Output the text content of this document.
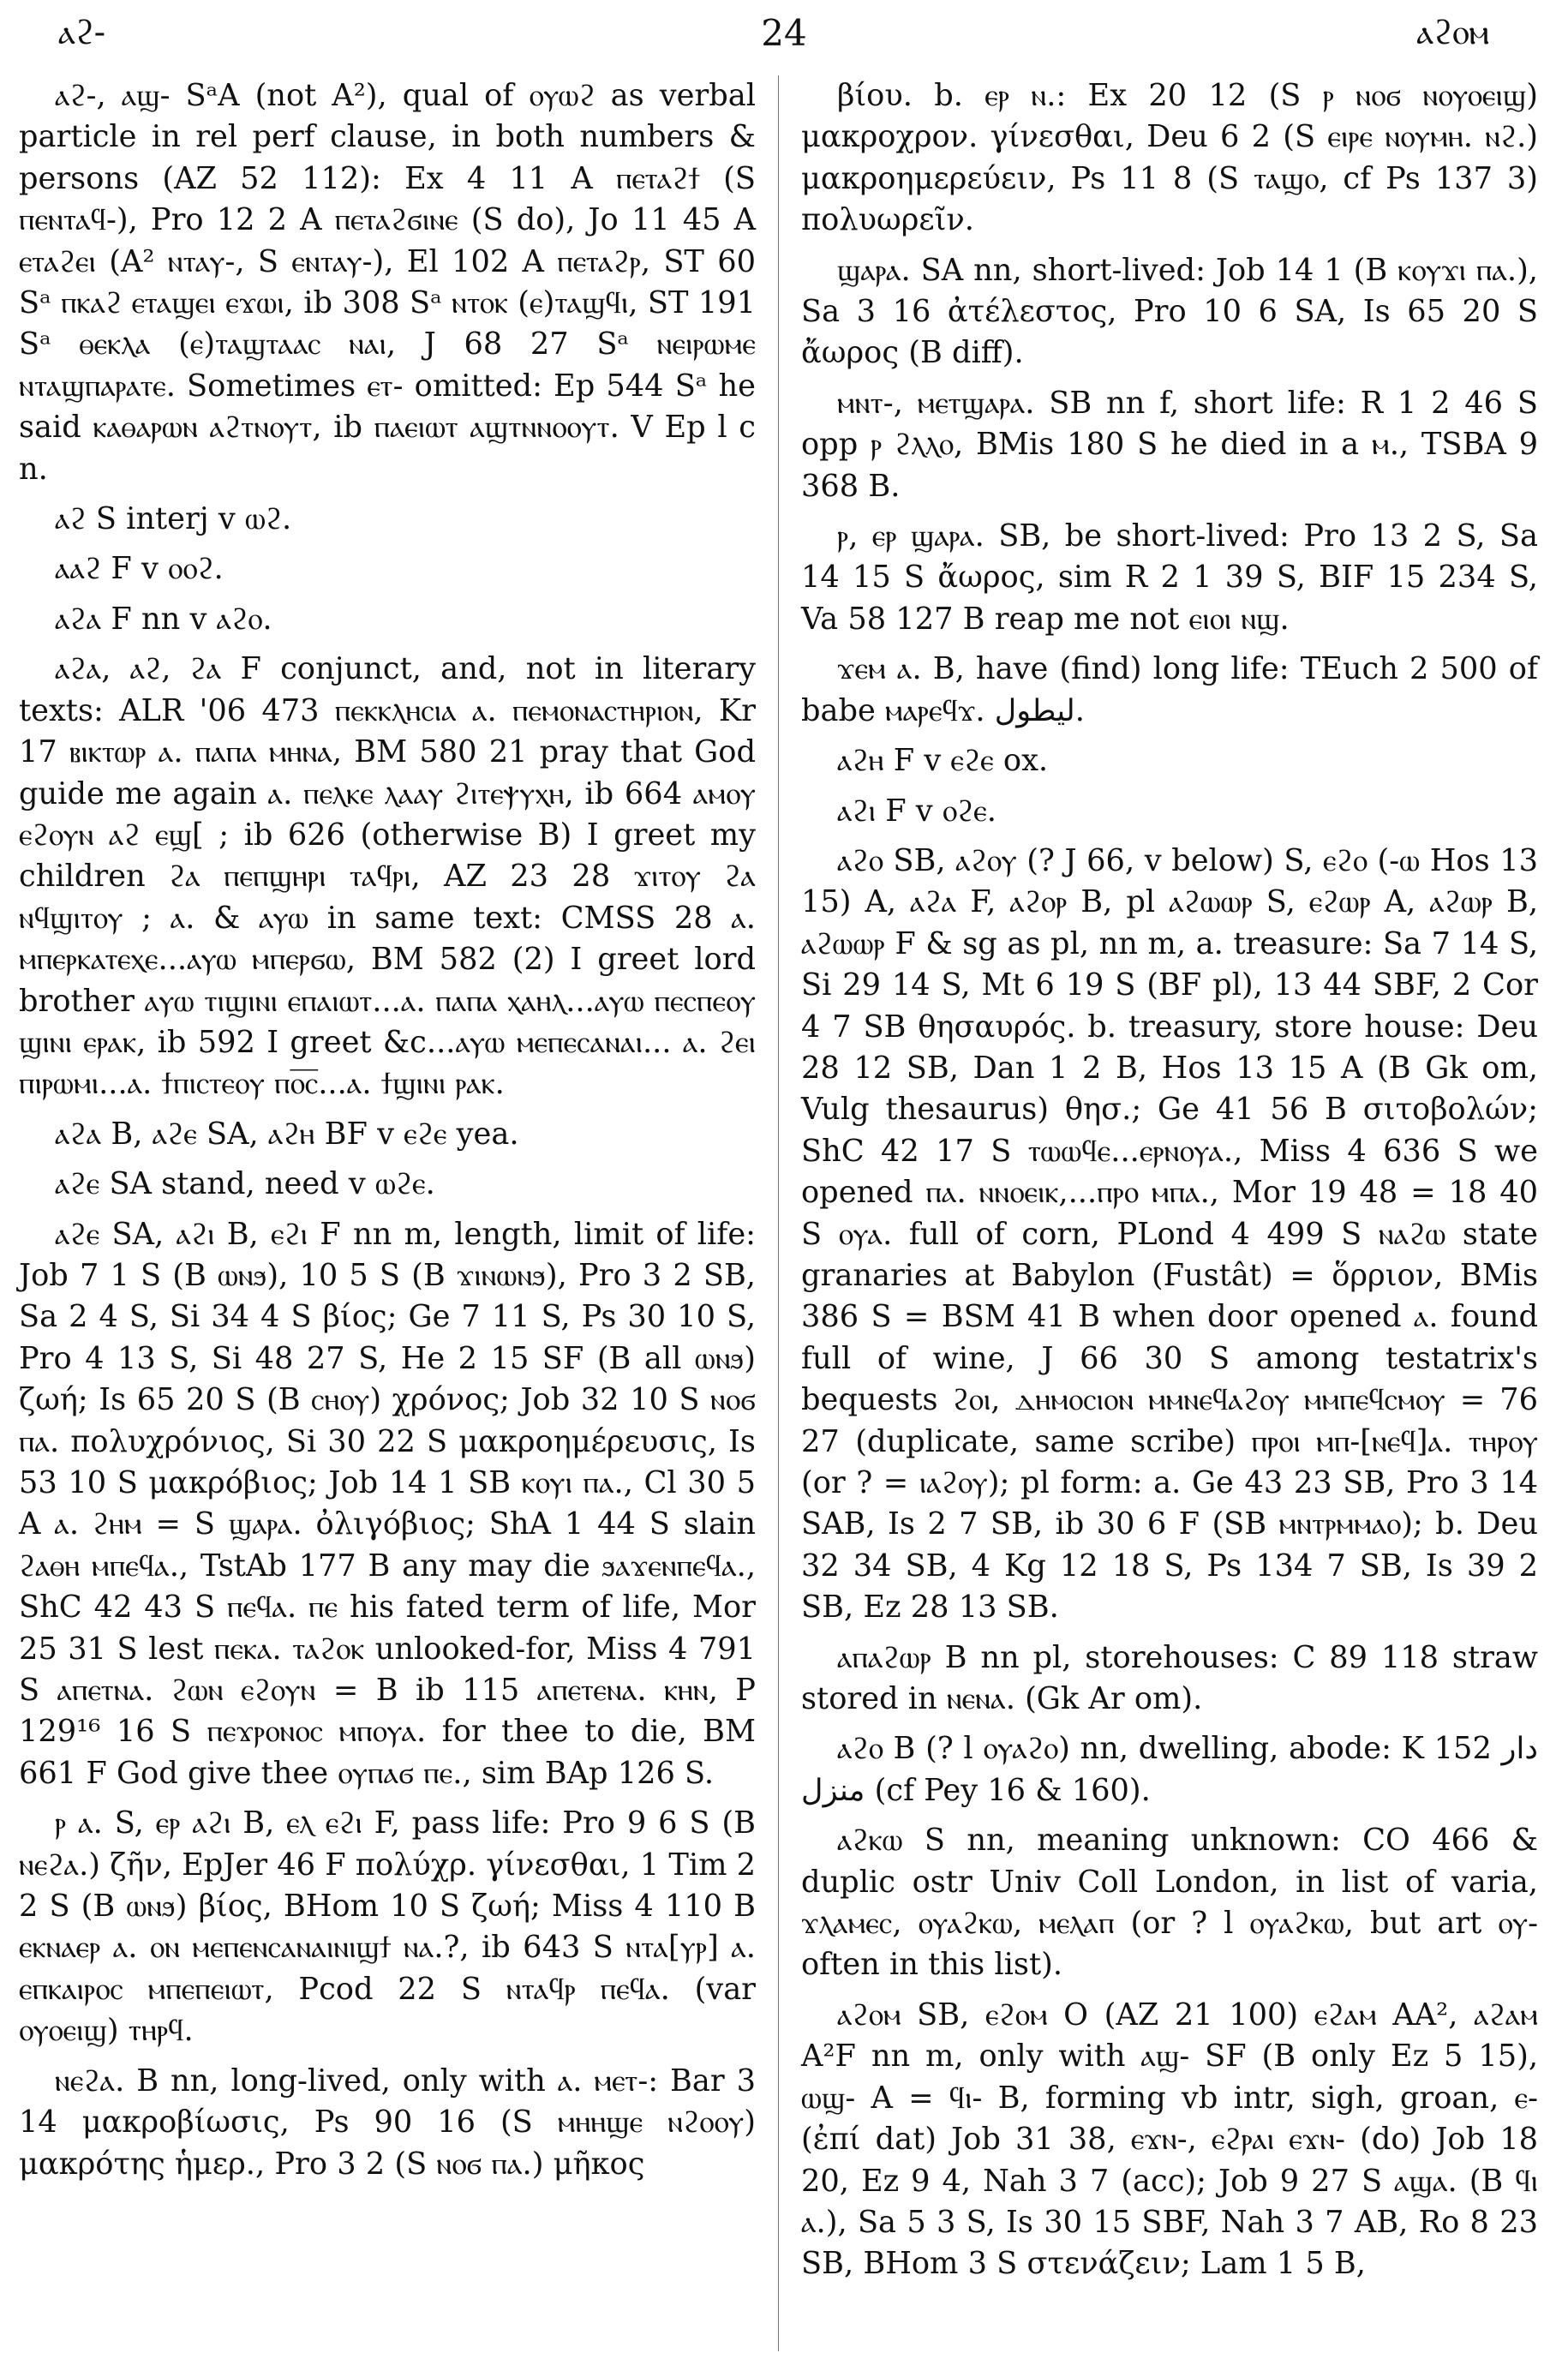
ⲁϩ-	24	ⲁϩⲟⲙ

ⲁϩ-, ⲁϣ- SᵃA (not A²), qual of ⲟⲩⲱϩ as verbal particle in rel perf clause, in both numbers & persons (AZ 52 112): Ex 4 11 A ⲡⲉⲧⲁϩϯ (S ⲡⲉⲛⲧⲁϥ-), Pro 12 2 A ⲡⲉⲧⲁϩϭⲓⲛⲉ (S do), Jo 11 45 A ⲉⲧⲁϩⲉⲓ (A² ⲛⲧⲁⲩ-, S ⲉⲛⲧⲁⲩ-), El 102 A ⲡⲉⲧⲁϩⲣ, ST 60 Sᵃ ⲡⲕⲁϩ ⲉⲧⲁϣⲉⲓ ⲉϫⲱⲓ, ib 308 Sᵃ ⲛⲧⲟⲕ (ⲉ)ⲧⲁϣϥⲓ, ST 191 Sᵃ ⲑⲉⲕⲗⲁ (ⲉ)ⲧⲁϣⲧⲁⲁⲥ ⲛⲁⲓ, J 68 27 Sᵃ ⲛⲉⲓⲣⲱⲙⲉ ⲛⲧⲁϣⲡⲁⲣⲁⲧⲉ. Sometimes ⲉⲧ- omitted: Ep 544 Sᵃ he said ⲕⲁⲑⲁⲣⲱⲛ ⲁϩⲧⲛⲟⲩⲧ, ib ⲡⲁⲉⲓⲱⲧ ⲁϣⲧⲛⲛⲟⲟⲩⲧ. V Ep l c n.

ⲁϩ S interj v ⲱϩ.

ⲁⲁϩ F v ⲟⲟϩ.

ⲁϩⲁ F nn v ⲁϩⲟ.

ⲁϩⲁ, ⲁϩ, ϩⲁ F conjunct, and, not in literary texts: ALR '06 473 ⲡⲉⲕⲕⲗⲏⲥⲓⲁ ⲁ. ⲡⲉⲙⲟⲛⲁⲥⲧⲏⲣⲓⲟⲛ, Kr 17 ⲃⲓⲕⲧⲱⲣ ⲁ. ⲡⲁⲡⲁ ⲙⲏⲛⲁ, BM 580 21 pray that God guide me again ⲁ. ⲡⲉⲗⲕⲉ ⲗⲁⲁⲩ ϩⲓⲧⲉⲯⲩⲭⲏ, ib 664 ⲁⲙⲟⲩ ⲉϩⲟⲩⲛ ⲁϩ ⲉϣ[ ; ib 626 (otherwise B) I greet my children ϩⲁ ⲡⲉⲡϣⲏⲣⲓ ⲧⲁϥⲣⲓ, AZ 23 28 ϫⲓⲧⲟⲩ ϩⲁ ⲛϥϣⲓⲧⲟⲩ ; ⲁ. & ⲁⲩⲱ in same text: CMSS 28 ⲁ. ⲙⲡⲉⲣⲕⲁⲧⲉⲭⲉ...ⲁⲩⲱ ⲙⲡⲉⲣϭⲱ, BM 582 (2) I greet lord brother ⲁⲩⲱ ⲧⲓϣⲓⲛⲓ ⲉⲡⲁⲓⲱⲧ...ⲁ. ⲡⲁⲡⲁ ⲭⲁⲏⲗ...ⲁⲩⲱ ⲡⲉⲥⲡⲉⲟⲩ ϣⲓⲛⲓ ⲉⲣⲁⲕ, ib 592 I greet &c...ⲁⲩⲱ ⲙⲉⲡⲉⲥⲁⲛⲁⲓ... ⲁ. ϩⲉⲓ ⲡⲓⲣⲱⲙⲓ...ⲁ. ϯⲡⲓⲥⲧⲉⲟⲩ ⲡⲟ̅ⲥ̅...ⲁ. ϯϣⲓⲛⲓ ⲣⲁⲕ.

ⲁϩⲁ B, ⲁϩⲉ SA, ⲁϩⲏ BF v ⲉϩⲉ yea.

ⲁϩⲉ SA stand, need v ⲱϩⲉ.

ⲁϩⲉ SA, ⲁϩⲓ B, ⲉϩⲓ F nn m, length, limit of life: Job 7 1 S (B ⲱⲛϧ), 10 5 S (B ϫⲓⲛⲱⲛϧ), Pro 3 2 SB, Sa 2 4 S, Si 34 4 S βίος; Ge 7 11 S, Ps 30 10 S, Pro 4 13 S, Si 48 27 S, He 2 15 SF (B all ⲱⲛϧ) ζωή; Is 65 20 S (B ⲥⲏⲟⲩ) χρόνος; Job 32 10 S ⲛⲟϭ ⲡⲁ. πολυχρόνιος, Si 30 22 S μακροημέρευσις, Is 53 10 S μακρόβιος; Job 14 1 SB ⲕⲟⲩⲓ ⲡⲁ., Cl 30 5 A ⲁ. ϩⲏⲙ = S ϣⲁⲣⲁ. ὀλιγόβιος; ShA 1 44 S slain ϩⲁⲑⲏ ⲙⲡⲉϥⲁ., TstAb 177 B any may die ϧⲁϫⲉⲛⲡⲉϥⲁ., ShC 42 43 S ⲡⲉϥⲁ. ⲡⲉ his fated term of life, Mor 25 31 S lest ⲡⲉⲕⲁ. ⲧⲁϩⲟⲕ unlooked-for, Miss 4 791 S ⲁⲡⲉⲧⲛⲁ. ϩⲱⲛ ⲉϩⲟⲩⲛ = B ib 115 ⲁⲡⲉⲧⲉⲛⲁ. ⲕⲏⲛ, P 129¹⁶ 16 S ⲡⲉϫⲣⲟⲛⲟⲥ ⲙⲡⲟⲩⲁ. for thee to die, BM 661 F God give thee ⲟⲩⲡⲁϭ ⲡⲉ., sim BAp 126 S.

ⲣ ⲁ. S, ⲉⲣ ⲁϩⲓ B, ⲉⲗ ⲉϩⲓ F, pass life: Pro 9 6 S (B ⲛⲉϩⲁ.) ζῆν, EpJer 46 F πολύχρ. γίνεσθαι, 1 Tim 2 2 S (B ⲱⲛϧ) βίος, BHom 10 S ζωή; Miss 4 110 B ⲉⲕⲛⲁⲉⲣ ⲁ. ⲟⲛ ⲙⲉⲡⲉⲛⲥⲁⲛⲁⲓⲛⲓϣϯ ⲛⲁ.?, ib 643 S ⲛⲧⲁ[ⲩⲣ] ⲁ. ⲉⲡⲕⲁⲓⲣⲟⲥ ⲙⲡⲉⲡⲉⲓⲱⲧ, Pcod 22 S ⲛⲧⲁϥⲣ ⲡⲉϥⲁ. (var ⲟⲩⲟⲉⲓϣ) ⲧⲏⲣϥ.

ⲛⲉϩⲁ. B nn, long-lived, only with ⲁ. ⲙⲉⲧ-: Bar 3 14 μακροβίωσις, Ps 90 16 (S ⲙⲏⲏϣⲉ ⲛϩⲟⲟⲩ) μακρότης ἡμερ., Pro 3 2 (S ⲛⲟϭ ⲡⲁ.) μῆκος

βίου. b. ⲉⲣ ⲛ.: Ex 20 12 (S ⲣ ⲛⲟϭ ⲛⲟⲩⲟⲉⲓϣ) μακροχρον. γίνεσθαι, Deu 6 2 (S ⲉⲓⲣⲉ ⲛⲟⲩⲙⲏ. ⲛϩ.) μακροημερεύειν, Ps 11 8 (S ⲧⲁϣⲟ, cf Ps 137 3) πολυωρεῖν.

ϣⲁⲣⲁ. SA nn, short-lived: Job 14 1 (B ⲕⲟⲩϫⲓ ⲡⲁ.), Sa 3 16 ἀτέλεστος, Pro 10 6 SA, Is 65 20 S ἄωρος (B diff).

ⲙⲛⲧ-, ⲙⲉⲧϣⲁⲣⲁ. SB nn f, short life: R 1 2 46 S opp ⲣ ϩⲗⲗⲟ, BMis 180 S he died in a ⲙ., TSBA 9 368 B.

ⲣ, ⲉⲣ ϣⲁⲣⲁ. SB, be short-lived: Pro 13 2 S, Sa 14 15 S ἄωρος, sim R 2 1 39 S, BIF 15 234 S, Va 58 127 B reap me not ⲉⲓⲟⲓ ⲛϣ.

ϫⲉⲙ ⲁ. B, have (find) long life: TEuch 2 500 of babe ⲙⲁⲣⲉϥϫ. ليطول.

ⲁϩⲏ F v ⲉϩⲉ ox.

ⲁϩⲓ F v ⲟϩⲉ.

ⲁϩⲟ SB, ⲁϩⲟⲩ (? J 66, v below) S, ⲉϩⲟ (-ⲱ Hos 13 15) A, ⲁϩⲁ F, ⲁϩⲟⲣ B, pl ⲁϩⲱⲱⲣ S, ⲉϩⲱⲣ A, ⲁϩⲱⲣ B, ⲁϩⲱⲱⲣ F & sg as pl, nn m, a. treasure: Sa 7 14 S, Si 29 14 S, Mt 6 19 S (BF pl), 13 44 SBF, 2 Cor 4 7 SB θησαυρός. b. treasury, store house: Deu 28 12 SB, Dan 1 2 B, Hos 13 15 A (B Gk om, Vulg thesaurus) θησ.; Ge 41 56 B σιτοβολών; ShC 42 17 S ⲧⲱⲱϥⲉ...ⲉⲣⲛⲟⲩⲁ., Miss 4 636 S we opened ⲡⲁ. ⲛⲛⲟⲉⲓⲕ,...ⲡⲣⲟ ⲙⲡⲁ., Mor 19 48 = 18 40 S ⲟⲩⲁ. full of corn, PLond 4 499 S ⲛⲁϩⲱ state granaries at Babylon (Fustât) = ὅρριον, BMis 386 S = BSM 41 B when door opened ⲁ. found full of wine, J 66 30 S among testatrix's bequests ϩⲟⲓ, ⲇⲏⲙⲟⲥⲓⲟⲛ ⲙⲙⲛⲉϥⲁϩⲟⲩ ⲙⲙⲡⲉϥⲥⲙⲟⲩ = 76 27 (duplicate, same scribe) ⲡⲣⲟⲓ ⲙⲡ-[ⲛⲉϥ]ⲁ. ⲧⲏⲣⲟⲩ (or ? = ⲓⲁϩⲟⲩ); pl form: a. Ge 43 23 SB, Pro 3 14 SAB, Is 2 7 SB, ib 30 6 F (SB ⲙⲛⲧⲣⲙⲙⲁⲟ); b. Deu 32 34 SB, 4 Kg 12 18 S, Ps 134 7 SB, Is 39 2 SB, Ez 28 13 SB.

ⲁⲡⲁϩⲱⲣ B nn pl, storehouses: C 89 118 straw stored in ⲛⲉⲛⲁ. (Gk Ar om).

ⲁϩⲟ B (? l ⲟⲩⲁϩⲟ) nn, dwelling, abode: K 152 دار منزل (cf Pey 16 & 160).

ⲁϩⲕⲱ S nn, meaning unknown: CO 466 & duplic ostr Univ Coll London, in list of varia, ϫⲗⲁⲙⲉⲥ, ⲟⲩⲁϩⲕⲱ, ⲙⲉⲗⲁⲡ (or ? l ⲟⲩⲁϩⲕⲱ, but art ⲟⲩ- often in this list).

ⲁϩⲟⲙ SB, ⲉϩⲟⲙ O (AZ 21 100) ⲉϩⲁⲙ AA², ⲁϩⲁⲙ A²F nn m, only with ⲁϣ- SF (B only Ez 5 15), ⲱϣ- A = ϥⲓ- B, forming vb intr, sigh, groan, ⲉ- (ἐπί dat) Job 31 38, ⲉϫⲛ-, ⲉϩⲣⲁⲓ ⲉϫⲛ- (do) Job 18 20, Ez 9 4, Nah 3 7 (acc); Job 9 27 S ⲁϣⲁ. (B ϥⲓ ⲁ.), Sa 5 3 S, Is 30 15 SBF, Nah 3 7 AB, Ro 8 23 SB, BHom 3 S στενάζειν; Lam 1 5 B,
